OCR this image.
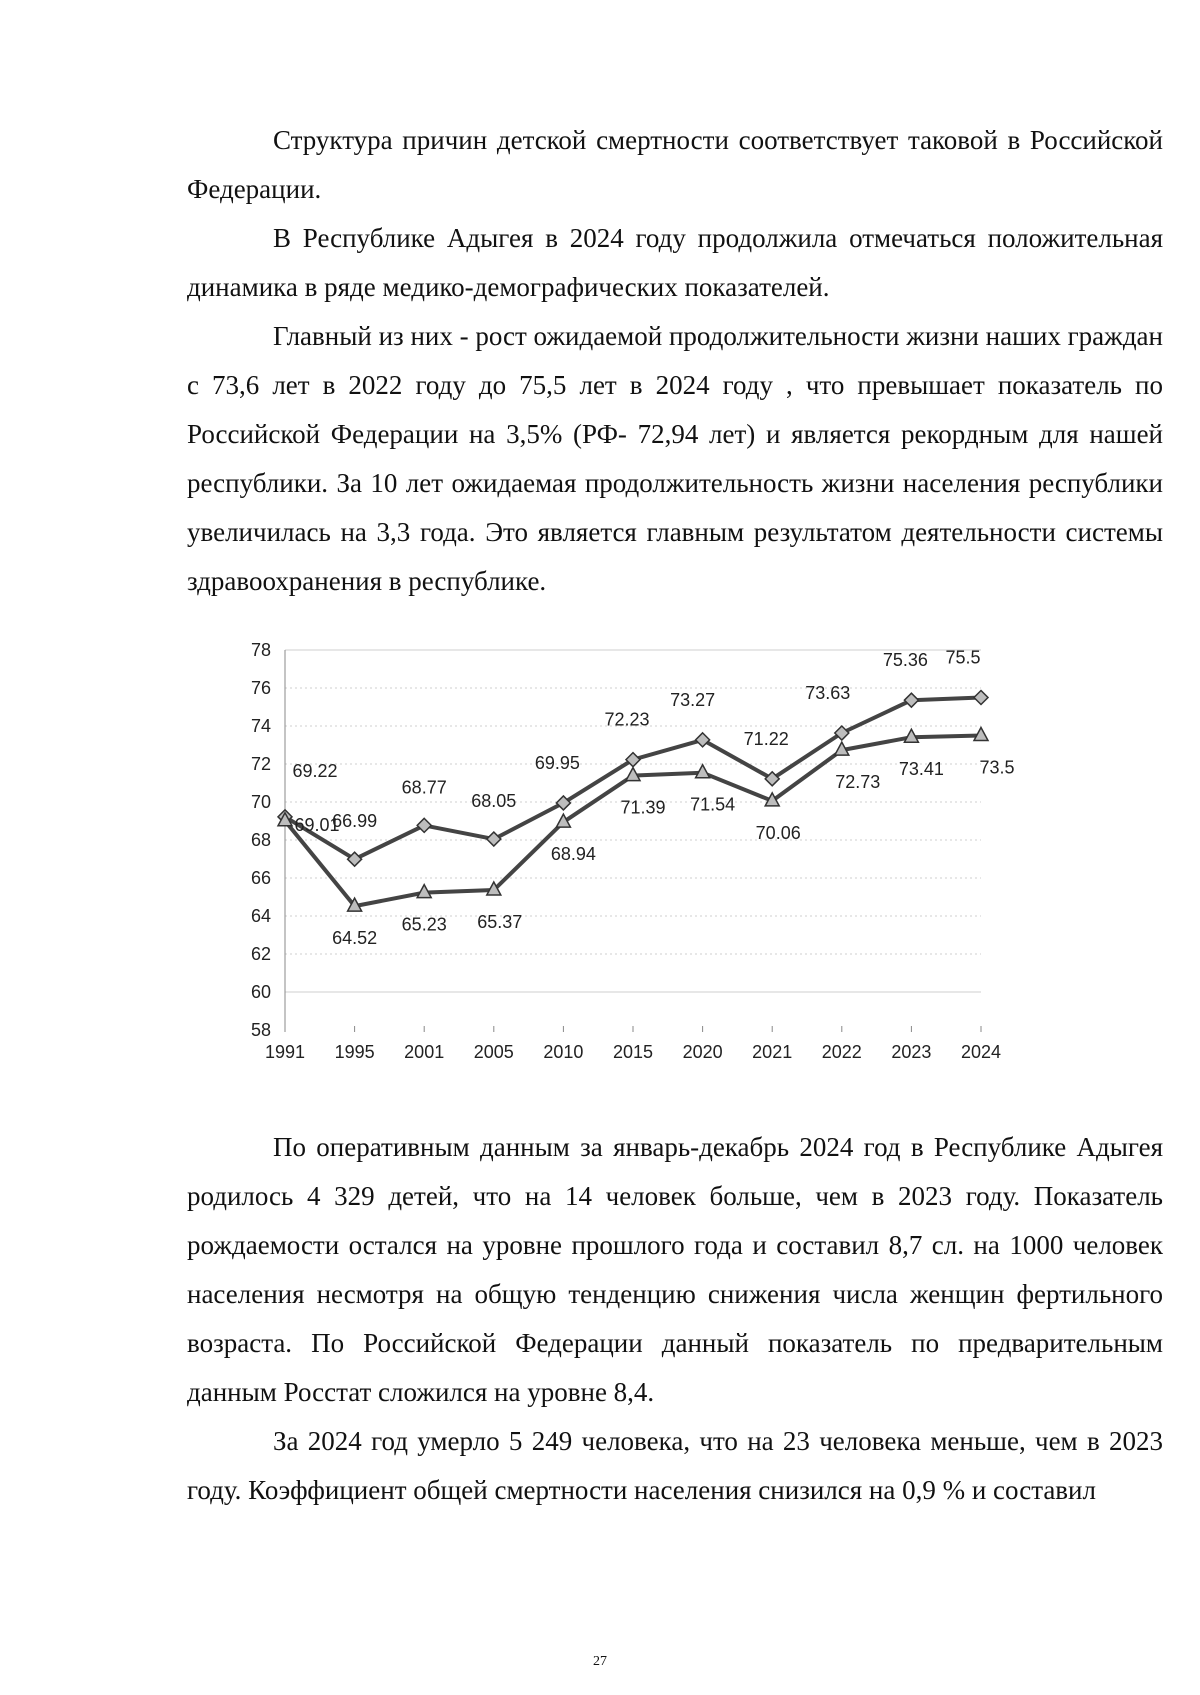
Структура причин детской смертности соответствует таковой в Российской Федерации.

В Республике Адыгея в 2024 году продолжила отмечаться положительная динамика в ряде медико-демографических показателей.

Главный из них - рост ожидаемой продолжительности жизни наших граждан с 73,6 лет в 2022 году до 75,5 лет в 2024 году , что превышает показатель по Российской Федерации на 3,5% (РФ- 72,94 лет) и является рекордным для нашей республики. За 10 лет ожидаемая продолжительность жизни населения республики увеличилась на 3,3 года. Это является главным результатом деятельности системы здравоохранения в республике.

58
60
62
64
66
68
70
72
74
76
78
1991 1995 2001 2005 2010 2015 2020 2021 2022 2023 2024
69.22
66.99
68.77
68.05
69.95
72.23
73.27
71.22
73.63
75.36 75.5
69.01
64.52
65.23 65.37
68.94
71.39 71.54
70.06
72.73
73.41 73.5

По оперативным данным за январь-декабрь 2024 год в Республике Адыгея родилось 4 329 детей, что на 14 человек больше, чем в 2023 году. Показатель рождаемости остался на уровне прошлого года и составил 8,7 сл. на 1000 человек населения несмотря на общую тенденцию снижения числа женщин фертильного возраста. По Российской Федерации данный показатель по предварительным данным Росстат сложился на уровне 8,4.

За 2024 год умерло 5 249 человека, что на 23 человека меньше, чем в 2023 году. Коэффициент общей смертности населения снизился на 0,9 % и составил

27
